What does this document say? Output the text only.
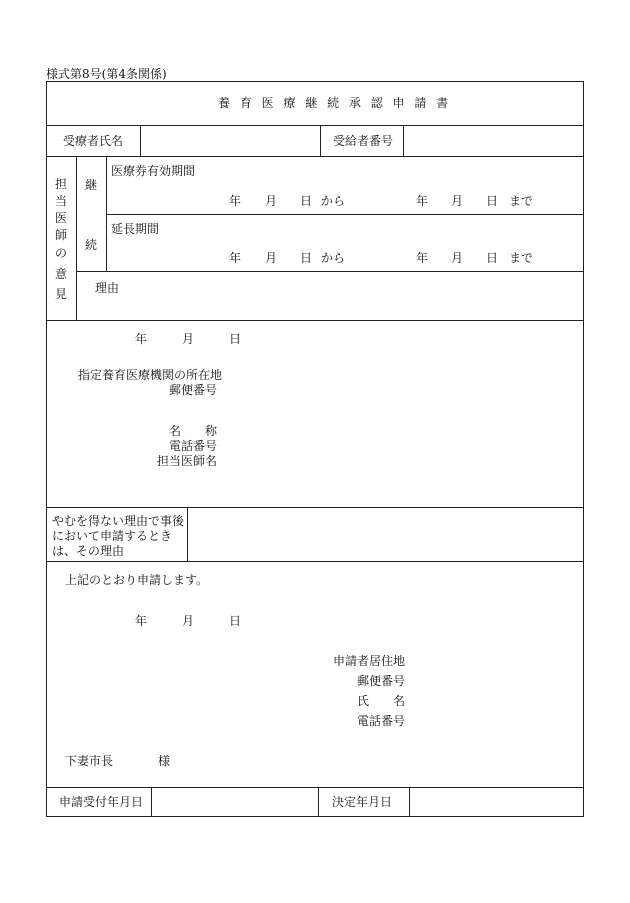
様式第8号(第4条関係)
養 育 医 療 継 続 承 認 申 請 書
受療者氏名	受給者番号
担
当
医
師
の
意
見
継
続
医療券有効期間
年 月 日 から	年 月 日 まで
延長期間
年 月 日 から	年 月 日 まで
理由
年	月	日
指定養育医療機関の所在地
郵便番号
名　　称
電話番号
担当医師名
やむを得ない理由で事後
において申請するとき
は、その理由
上記のとおり申請します。
年	月	日
申請者居住地
郵便番号
氏　　名
電話番号
下妻市長	様
申請受付年月日	決定年月日
